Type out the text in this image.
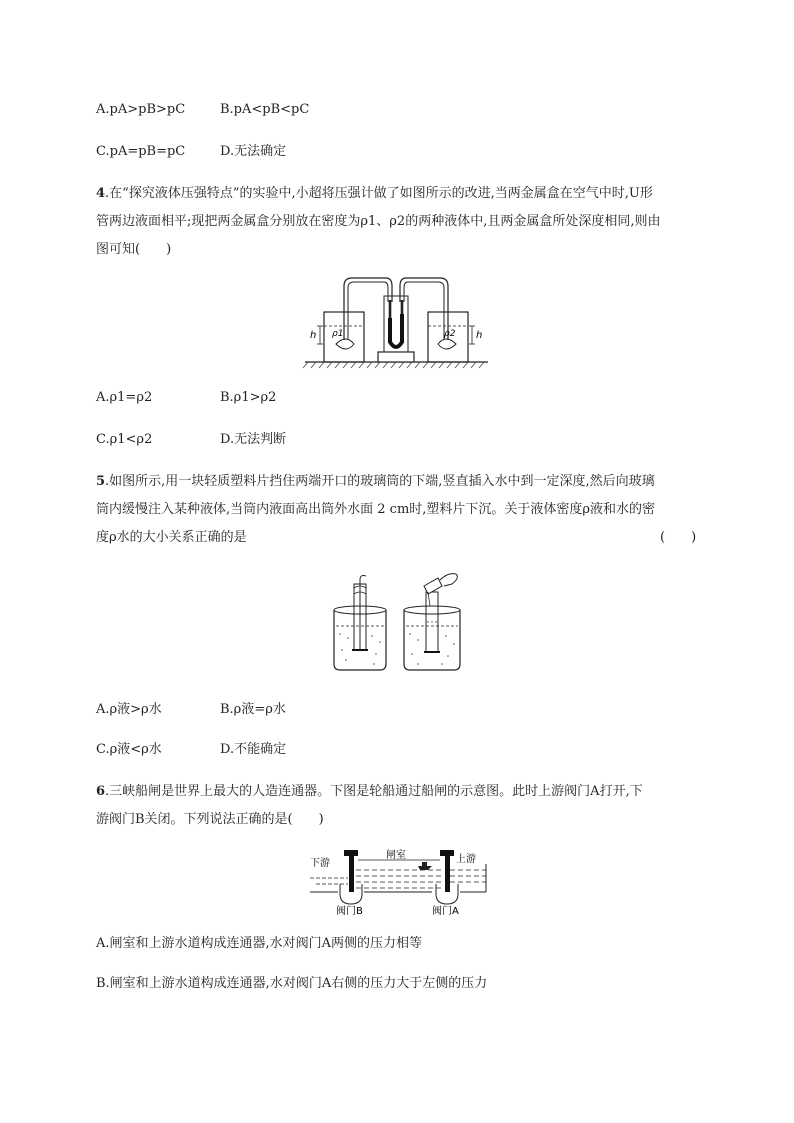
A.pA>pB>pC	B.pA<pB<pC
C.pA=pB=pC	D.无法确定
4.在“探究液体压强特点”的实验中,小超将压强计做了如图所示的改进,当两金属盒在空气中时,U形
管两边液面相平;现把两金属盒分别放在密度为ρ1、ρ2的两种液体中,且两金属盒所处深度相同,则由
图可知(　　)
h	h
ρ1	ρ2
A.ρ1=ρ2	B.ρ1>ρ2
C.ρ1<ρ2	D.无法判断
5.如图所示,用一块轻质塑料片挡住两端开口的玻璃筒的下端,竖直插入水中到一定深度,然后向玻璃
筒内缓慢注入某种液体,当筒内液面高出筒外水面 2 cm时,塑料片下沉。关于液体密度ρ液和水的密
度ρ水的大小关系正确的是	(　　)
A.ρ液>ρ水	B.ρ液=ρ水
C.ρ液<ρ水	D.不能确定
6.三峡船闸是世界上最大的人造连通器。下图是轮船通过船闸的示意图。此时上游阀门A打开,下
游阀门B关闭。下列说法正确的是(　　)
下游
闸室	上游
阀门B	阀门A
A.闸室和上游水道构成连通器,水对阀门A两侧的压力相等
B.闸室和上游水道构成连通器,水对阀门A右侧的压力大于左侧的压力
